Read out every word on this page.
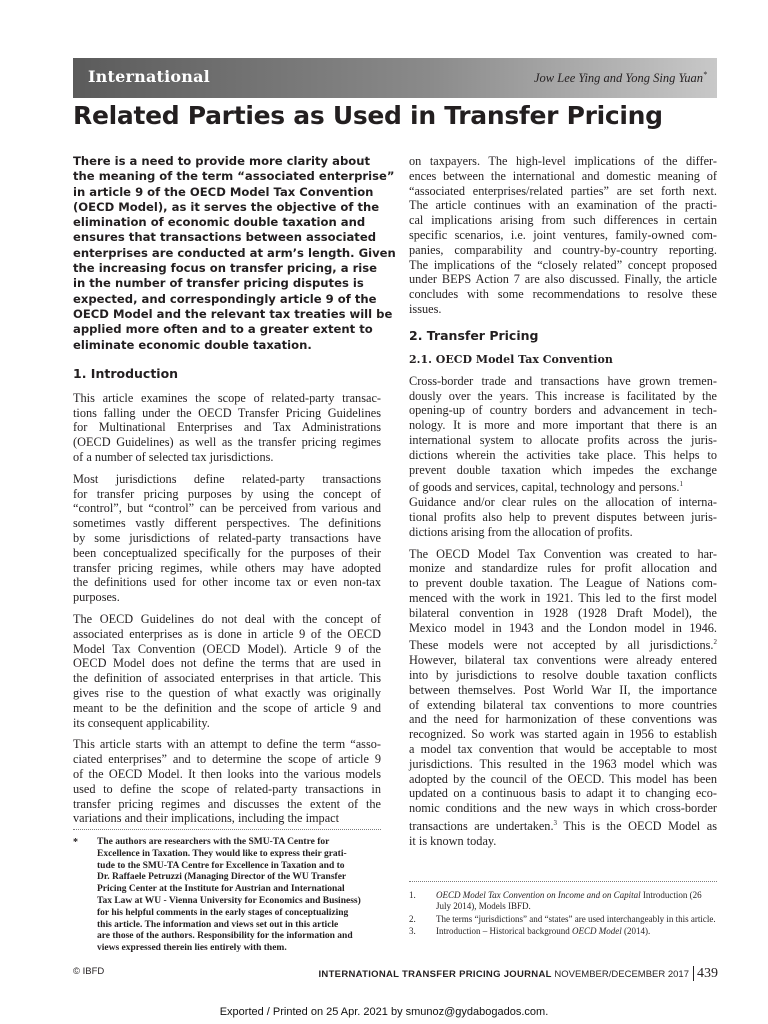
International	Jow Lee Ying and Yong Sing Yuan*
Related Parties as Used in Transfer Pricing
There is a need to provide more clarity about
the meaning of the term “associated enterprise”
in article 9 of the OECD Model Tax Convention
(OECD Model), as it serves the objective of the
elimination of economic double taxation and
ensures that transactions between associated
enterprises are conducted at arm’s length. Given
the increasing focus on transfer pricing, a rise
in the number of transfer pricing disputes is
expected, and correspondingly article 9 of the
OECD Model and the relevant tax treaties will be
applied more often and to a greater extent to
eliminate economic double taxation.
1. Introduction
This article examines the scope of related-party transac-
tions falling under the OECD Transfer Pricing Guidelines
for Multinational Enterprises and Tax Administrations
(OECD Guidelines) as well as the transfer pricing regimes
of a number of selected tax jurisdictions.
Most jurisdictions define related-party transactions
for transfer pricing purposes by using the concept of
“control”, but “control” can be perceived from various and
sometimes vastly different perspectives. The definitions
by some jurisdictions of related-party transactions have
been conceptualized specifically for the purposes of their
transfer pricing regimes, while others may have adopted
the definitions used for other income tax or even non-tax
purposes.
The OECD Guidelines do not deal with the concept of
associated enterprises as is done in article 9 of the OECD
Model Tax Convention (OECD Model). Article 9 of the
OECD Model does not define the terms that are used in
the definition of associated enterprises in that article. This
gives rise to the question of what exactly was originally
meant to be the definition and the scope of article 9 and
its consequent applicability.
This article starts with an attempt to define the term “asso-
ciated enterprises” and to determine the scope of article 9
of the OECD Model. It then looks into the various models
used to define the scope of related-party transactions in
transfer pricing regimes and discusses the extent of the
variations and their implications, including the impact
on taxpayers. The high-level implications of the differ-
ences between the international and domestic meaning of
“associated enterprises/related parties” are set forth next.
The article continues with an examination of the practi-
cal implications arising from such differences in certain
specific scenarios, i.e. joint ventures, family-owned com-
panies, comparability and country-by-country reporting.
The implications of the “closely related” concept proposed
under BEPS Action 7 are also discussed. Finally, the article
concludes with some recommendations to resolve these
issues.
2. Transfer Pricing
2.1. OECD Model Tax Convention
Cross-border trade and transactions have grown tremen-
dously over the years. This increase is facilitated by the
opening-up of country borders and advancement in tech-
nology. It is more and more important that there is an
international system to allocate profits across the juris-
dictions wherein the activities take place. This helps to
prevent double taxation which impedes the exchange
of goods and services, capital, technology and persons.$^1$
Guidance and/or clear rules on the allocation of interna-
tional profits also help to prevent disputes between juris-
dictions arising from the allocation of profits.
The OECD Model Tax Convention was created to har-
monize and standardize rules for profit allocation and
to prevent double taxation. The League of Nations com-
menced with the work in 1921. This led to the first model
bilateral convention in 1928 (1928 Draft Model), the
Mexico model in 1943 and the London model in 1946.
These models were not accepted by all jurisdictions.$^2$
However, bilateral tax conventions were already entered
into by jurisdictions to resolve double taxation conflicts
between themselves. Post World War II, the importance
of extending bilateral tax conventions to more countries
and the need for harmonization of these conventions was
recognized. So work was started again in 1956 to establish
a model tax convention that would be acceptable to most
jurisdictions. This resulted in the 1963 model which was
adopted by the council of the OECD. This model has been
updated on a continuous basis to adapt it to changing eco-
nomic conditions and the new ways in which cross-border
transactions are undertaken.$^3$ This is the OECD Model as
it is known today.
* The authors are researchers with the SMU-TA Centre for
Excellence in Taxation. They would like to express their grati-
tude to the SMU-TA Centre for Excellence in Taxation and to
Dr. Raffaele Petruzzi (Managing Director of the WU Transfer
Pricing Center at the Institute for Austrian and International
Tax Law at WU - Vienna University for Economics and Business)
for his helpful comments in the early stages of conceptualizing
this article. The information and views set out in this article
are those of the authors. Responsibility for the information and
views expressed therein lies entirely with them.
1. OECD Model Tax Convention on Income and on Capital Introduction (26 July 2014), Models IBFD.
2. The terms “jurisdictions” and “states” are used interchangeably in this article.
3. Introduction – Historical background OECD Model (2014).
© IBFD	INTERNATIONAL TRANSFER PRICING JOURNAL NOVEMBER/DECEMBER 2017 439
Exported / Printed on 25 Apr. 2021 by smunoz@gydabogados.com.
